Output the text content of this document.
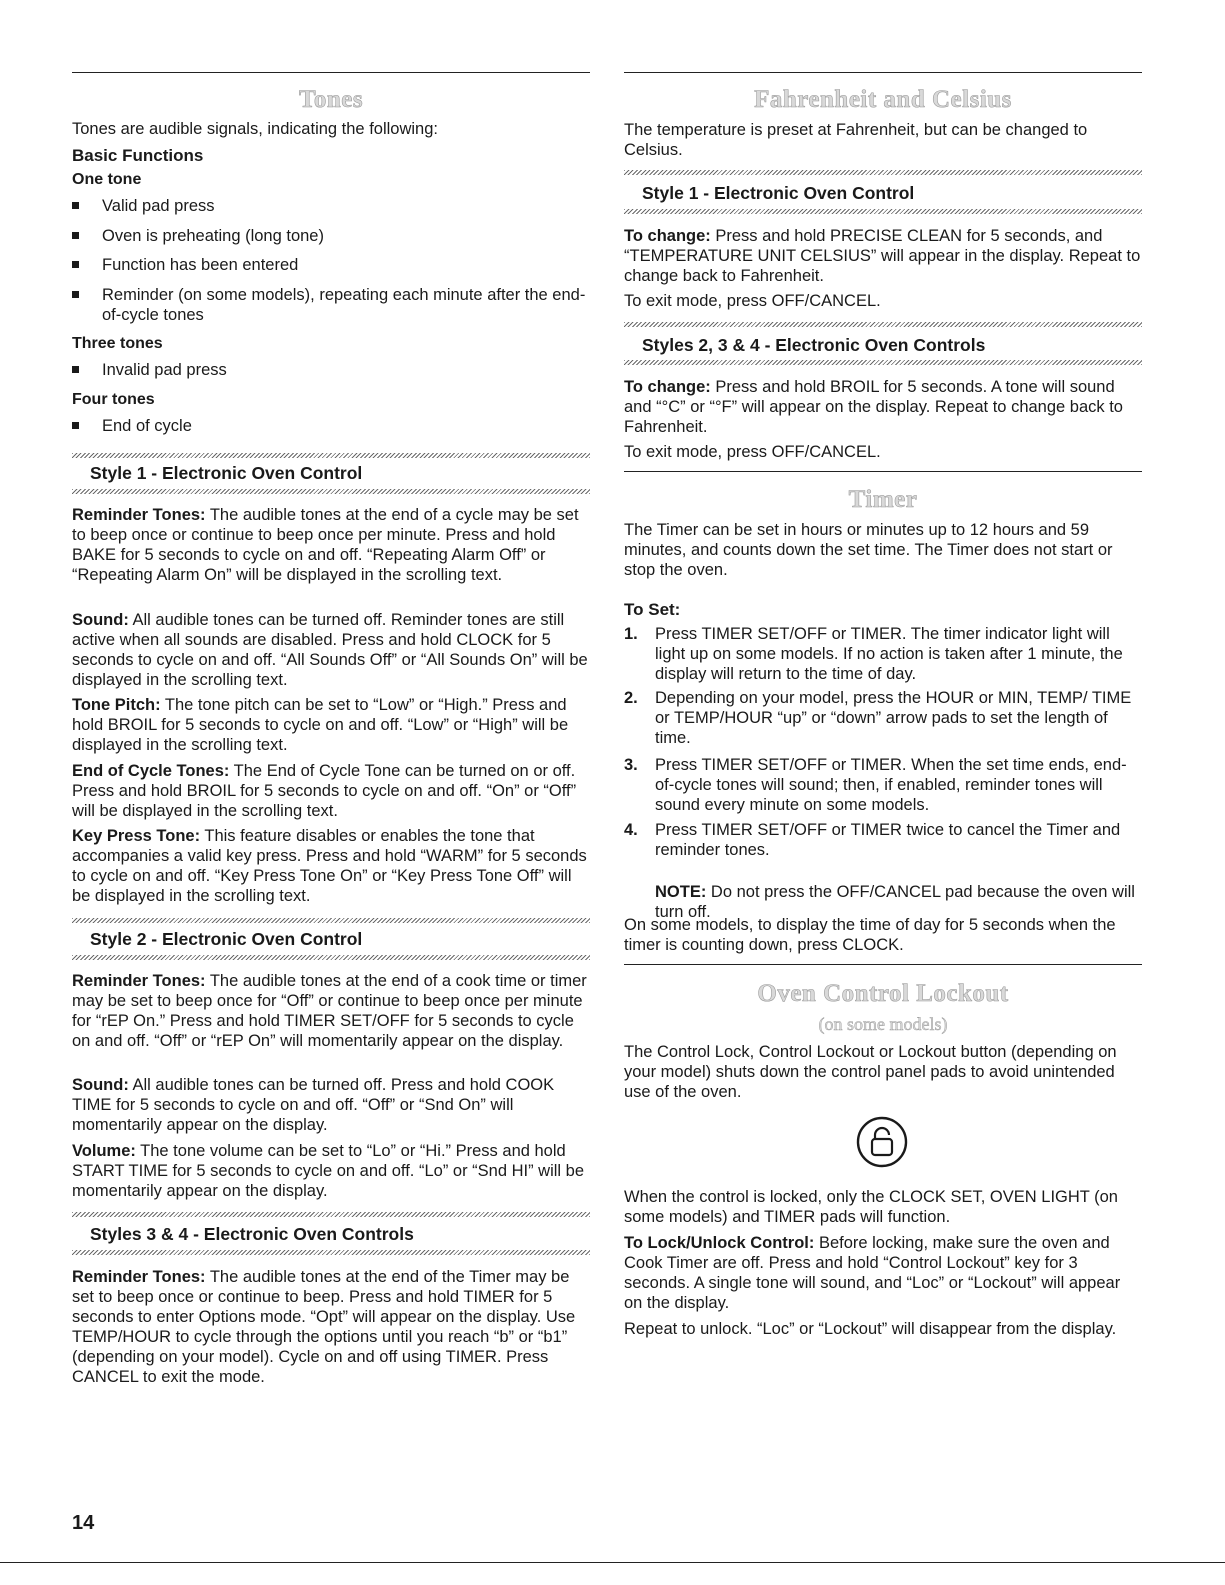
Tones

Tones are audible signals, indicating the following:

Basic Functions

One tone

Valid pad press
Oven is preheating (long tone)
Function has been entered
Reminder (on some models), repeating each minute after the end-of-cycle tones

Three tones

Invalid pad press

Four tones

End of cycle

Style 1 - Electronic Oven Control

Reminder Tones: The audible tones at the end of a cycle may be set to beep once or continue to beep once per minute. Press and hold BAKE for 5 seconds to cycle on and off. “Repeating Alarm Off” or “Repeating Alarm On” will be displayed in the scrolling text.

Sound: All audible tones can be turned off. Reminder tones are still active when all sounds are disabled. Press and hold CLOCK for 5 seconds to cycle on and off. “All Sounds Off” or “All Sounds On” will be displayed in the scrolling text.

Tone Pitch: The tone pitch can be set to “Low” or “High.” Press and hold BROIL for 5 seconds to cycle on and off. “Low” or “High” will be displayed in the scrolling text.

End of Cycle Tones: The End of Cycle Tone can be turned on or off. Press and hold BROIL for 5 seconds to cycle on and off. “On” or “Off” will be displayed in the scrolling text.

Key Press Tone: This feature disables or enables the tone that accompanies a valid key press. Press and hold “WARM” for 5 seconds to cycle on and off. “Key Press Tone On” or “Key Press Tone Off” will be displayed in the scrolling text.

Style 2 - Electronic Oven Control

Reminder Tones: The audible tones at the end of a cook time or timer may be set to beep once for “Off” or continue to beep once per minute for “rEP On.” Press and hold TIMER SET/OFF for 5 seconds to cycle on and off. “Off” or “rEP On” will momentarily appear on the display.

Sound: All audible tones can be turned off. Press and hold COOK TIME for 5 seconds to cycle on and off. “Off” or “Snd On” will momentarily appear on the display.

Volume: The tone volume can be set to “Lo” or “Hi.” Press and hold START TIME for 5 seconds to cycle on and off. “Lo” or “Snd HI” will be momentarily appear on the display.

Styles 3 & 4 - Electronic Oven Controls

Reminder Tones: The audible tones at the end of the Timer may be set to beep once or continue to beep. Press and hold TIMER for 5 seconds to enter Options mode. “Opt” will appear on the display. Use TEMP/HOUR to cycle through the options until you reach “b” or “b1” (depending on your model). Cycle on and off using TIMER. Press CANCEL to exit the mode.

Fahrenheit and Celsius

The temperature is preset at Fahrenheit, but can be changed to Celsius.

Style 1 - Electronic Oven Control

To change: Press and hold PRECISE CLEAN for 5 seconds, and “TEMPERATURE UNIT CELSIUS” will appear in the display. Repeat to change back to Fahrenheit.

To exit mode, press OFF/CANCEL.

Styles 2, 3 & 4 - Electronic Oven Controls

To change: Press and hold BROIL for 5 seconds. A tone will sound and “°C” or “°F” will appear on the display. Repeat to change back to Fahrenheit.

To exit mode, press OFF/CANCEL.

Timer

The Timer can be set in hours or minutes up to 12 hours and 59 minutes, and counts down the set time. The Timer does not start or stop the oven.

To Set:

1. Press TIMER SET/OFF or TIMER. The timer indicator light will light up on some models. If no action is taken after 1 minute, the display will return to the time of day.
2. Depending on your model, press the HOUR or MIN, TEMP/ TIME or TEMP/HOUR “up” or “down” arrow pads to set the length of time.
3. Press TIMER SET/OFF or TIMER. When the set time ends, end-of-cycle tones will sound; then, if enabled, reminder tones will sound every minute on some models.
4. Press TIMER SET/OFF or TIMER twice to cancel the Timer and reminder tones.

NOTE: Do not press the OFF/CANCEL pad because the oven will turn off.

On some models, to display the time of day for 5 seconds when the timer is counting down, press CLOCK.

Oven Control Lockout
(on some models)

The Control Lock, Control Lockout or Lockout button (depending on your model) shuts down the control panel pads to avoid unintended use of the oven.

When the control is locked, only the CLOCK SET, OVEN LIGHT (on some models) and TIMER pads will function.

To Lock/Unlock Control: Before locking, make sure the oven and Cook Timer are off. Press and hold “Control Lockout” key for 3 seconds. A single tone will sound, and “Loc” or “Lockout” will appear on the display.

Repeat to unlock. “Loc” or “Lockout” will disappear from the display.

14
